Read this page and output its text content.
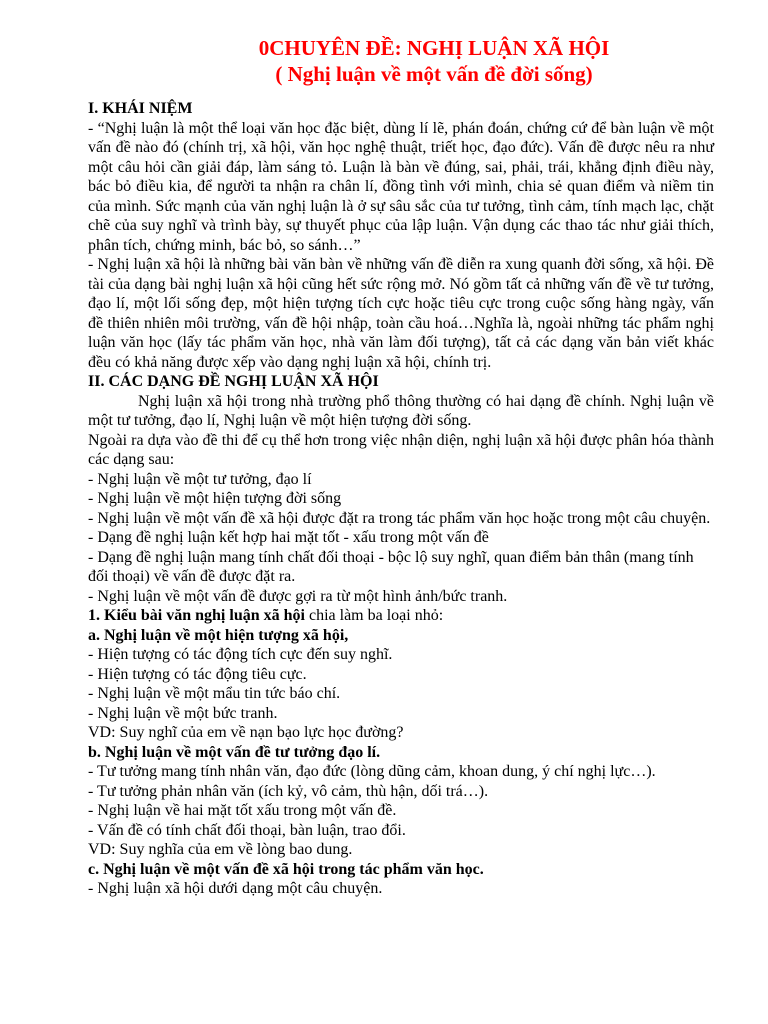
0CHUYÊN ĐỀ: NGHỊ LUẬN XÃ HỘI
( Nghị luận về một vấn đề đời sống)

I. KHÁI NIỆM

- “Nghị luận là một thể loại văn học đặc biệt, dùng lí lẽ, phán đoán, chứng cứ để bàn luận về một vấn đề nào đó (chính trị, xã hội, văn học nghệ thuật, triết học, đạo đức). Vấn đề được nêu ra như một câu hỏi cần giải đáp, làm sáng tỏ. Luận là bàn về đúng, sai, phải, trái, khẳng định điều này, bác bỏ điều kia, để người ta nhận ra chân lí, đồng tình với mình, chia sẻ quan điểm và niềm tin của mình. Sức mạnh của văn nghị luận là ở sự sâu sắc của tư tưởng, tình cảm, tính mạch lạc, chặt chẽ của suy nghĩ và trình bày, sự thuyết phục của lập luận. Vận dụng các thao tác như giải thích, phân tích, chứng minh, bác bỏ, so sánh…”

- Nghị luận xã hội là những bài văn bàn về những vấn đề diễn ra xung quanh đời sống, xã hội. Đề tài của dạng bài nghị luận xã hội cũng hết sức rộng mở. Nó gồm tất cả những vấn đề về tư tưởng, đạo lí, một lối sống đẹp, một hiện tượng tích cực hoặc tiêu cực trong cuộc sống hàng ngày, vấn đề thiên nhiên môi trường, vấn đề hội nhập, toàn cầu hoá…Nghĩa là, ngoài những tác phẩm nghị luận văn học (lấy tác phẩm văn học, nhà văn làm đối tượng), tất cả các dạng văn bản viết khác đều có khả năng được xếp vào dạng nghị luận xã hội, chính trị.

II. CÁC DẠNG ĐỀ NGHỊ LUẬN XÃ HỘI

Nghị luận xã hội trong nhà trường phổ thông thường có hai dạng đề chính. Nghị luận về một tư tưởng, đạo lí, Nghị luận về một hiện tượng đời sống.

Ngoài ra dựa vào đề thi để cụ thể hơn trong việc nhận diện, nghị luận xã hội được phân hóa thành các dạng sau:

- Nghị luận về một tư tưởng, đạo lí

- Nghị luận về một hiện tượng đời sống

- Nghị luận về một vấn đề xã hội được đặt ra trong tác phẩm văn học hoặc trong một câu chuyện.

- Dạng đề nghị luận kết hợp hai mặt tốt - xấu trong một vấn đề

- Dạng đề nghị luận mang tính chất đối thoại - bộc lộ suy nghĩ, quan điểm bản thân (mang tính đối thoại) về vấn đề được đặt ra.

- Nghị luận về một vấn đề được gợi ra từ một hình ảnh/bức tranh.

1. Kiểu bài văn nghị luận xã hội chia làm ba loại nhỏ:

a. Nghị luận về một hiện tượng xã hội,

- Hiện tượng có tác động tích cực đến suy nghĩ.

- Hiện tượng có tác động tiêu cực.

- Nghị luận về một mẩu tin tức báo chí.

- Nghị luận về một bức tranh.

VD: Suy nghĩ của em về nạn bạo lực học đường?

b. Nghị luận về một vấn đề tư tưởng đạo lí.

- Tư tưởng mang tính nhân văn, đạo đức (lòng dũng cảm, khoan dung, ý chí nghị lực…).

- Tư tưởng phản nhân văn (ích kỷ, vô cảm, thù hận, dối trá…).

- Nghị luận về hai mặt tốt xấu trong một vấn đề.

- Vấn đề có tính chất đối thoại, bàn luận, trao đổi.

VD: Suy nghĩa của em về lòng bao dung.

c. Nghị luận về một vấn đề xã hội trong tác phẩm văn học.

- Nghị luận xã hội dưới dạng một câu chuyện.
